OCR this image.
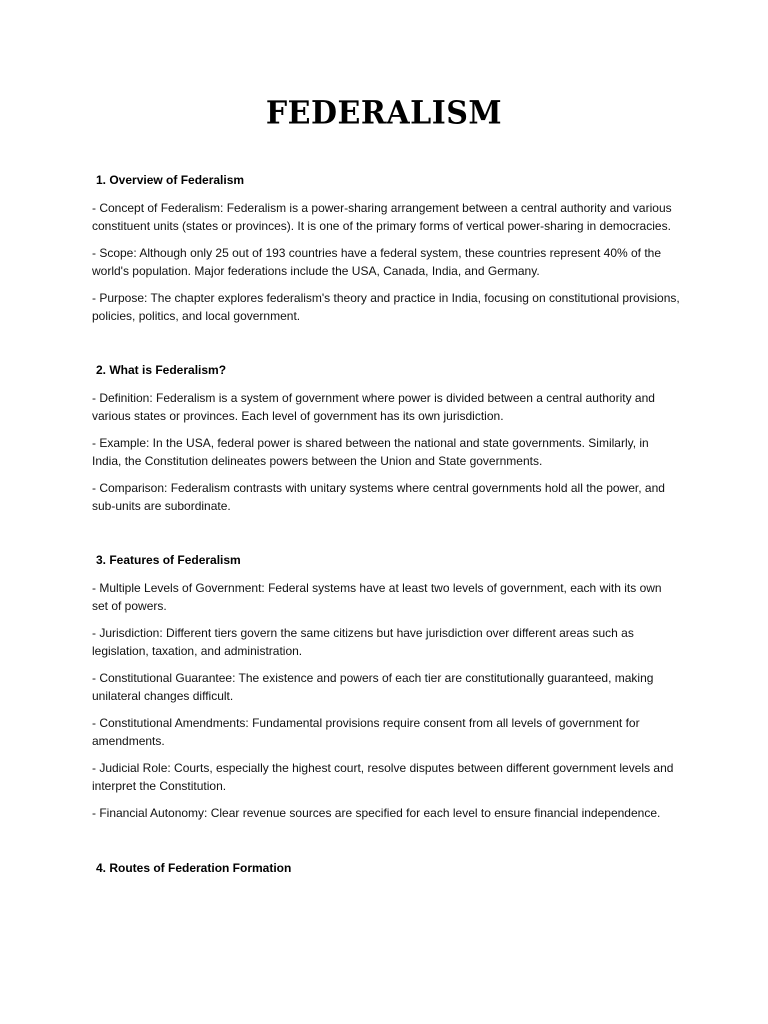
FEDERALISM
1. Overview of Federalism

- Concept of Federalism: Federalism is a power-sharing arrangement between a central authority and various constituent units (states or provinces). It is one of the primary forms of vertical power-sharing in democracies.

- Scope: Although only 25 out of 193 countries have a federal system, these countries represent 40% of the world's population. Major federations include the USA, Canada, India, and Germany.

- Purpose: The chapter explores federalism's theory and practice in India, focusing on constitutional provisions, policies, politics, and local government.

2. What is Federalism?

- Definition: Federalism is a system of government where power is divided between a central authority and various states or provinces. Each level of government has its own jurisdiction.

- Example: In the USA, federal power is shared between the national and state governments. Similarly, in India, the Constitution delineates powers between the Union and State governments.

- Comparison: Federalism contrasts with unitary systems where central governments hold all the power, and sub-units are subordinate.

3. Features of Federalism

- Multiple Levels of Government: Federal systems have at least two levels of government, each with its own set of powers.

- Jurisdiction: Different tiers govern the same citizens but have jurisdiction over different areas such as legislation, taxation, and administration.

- Constitutional Guarantee: The existence and powers of each tier are constitutionally guaranteed, making unilateral changes difficult.

- Constitutional Amendments: Fundamental provisions require consent from all levels of government for amendments.

- Judicial Role: Courts, especially the highest court, resolve disputes between different government levels and interpret the Constitution.

- Financial Autonomy: Clear revenue sources are specified for each level to ensure financial independence.

4. Routes of Federation Formation
